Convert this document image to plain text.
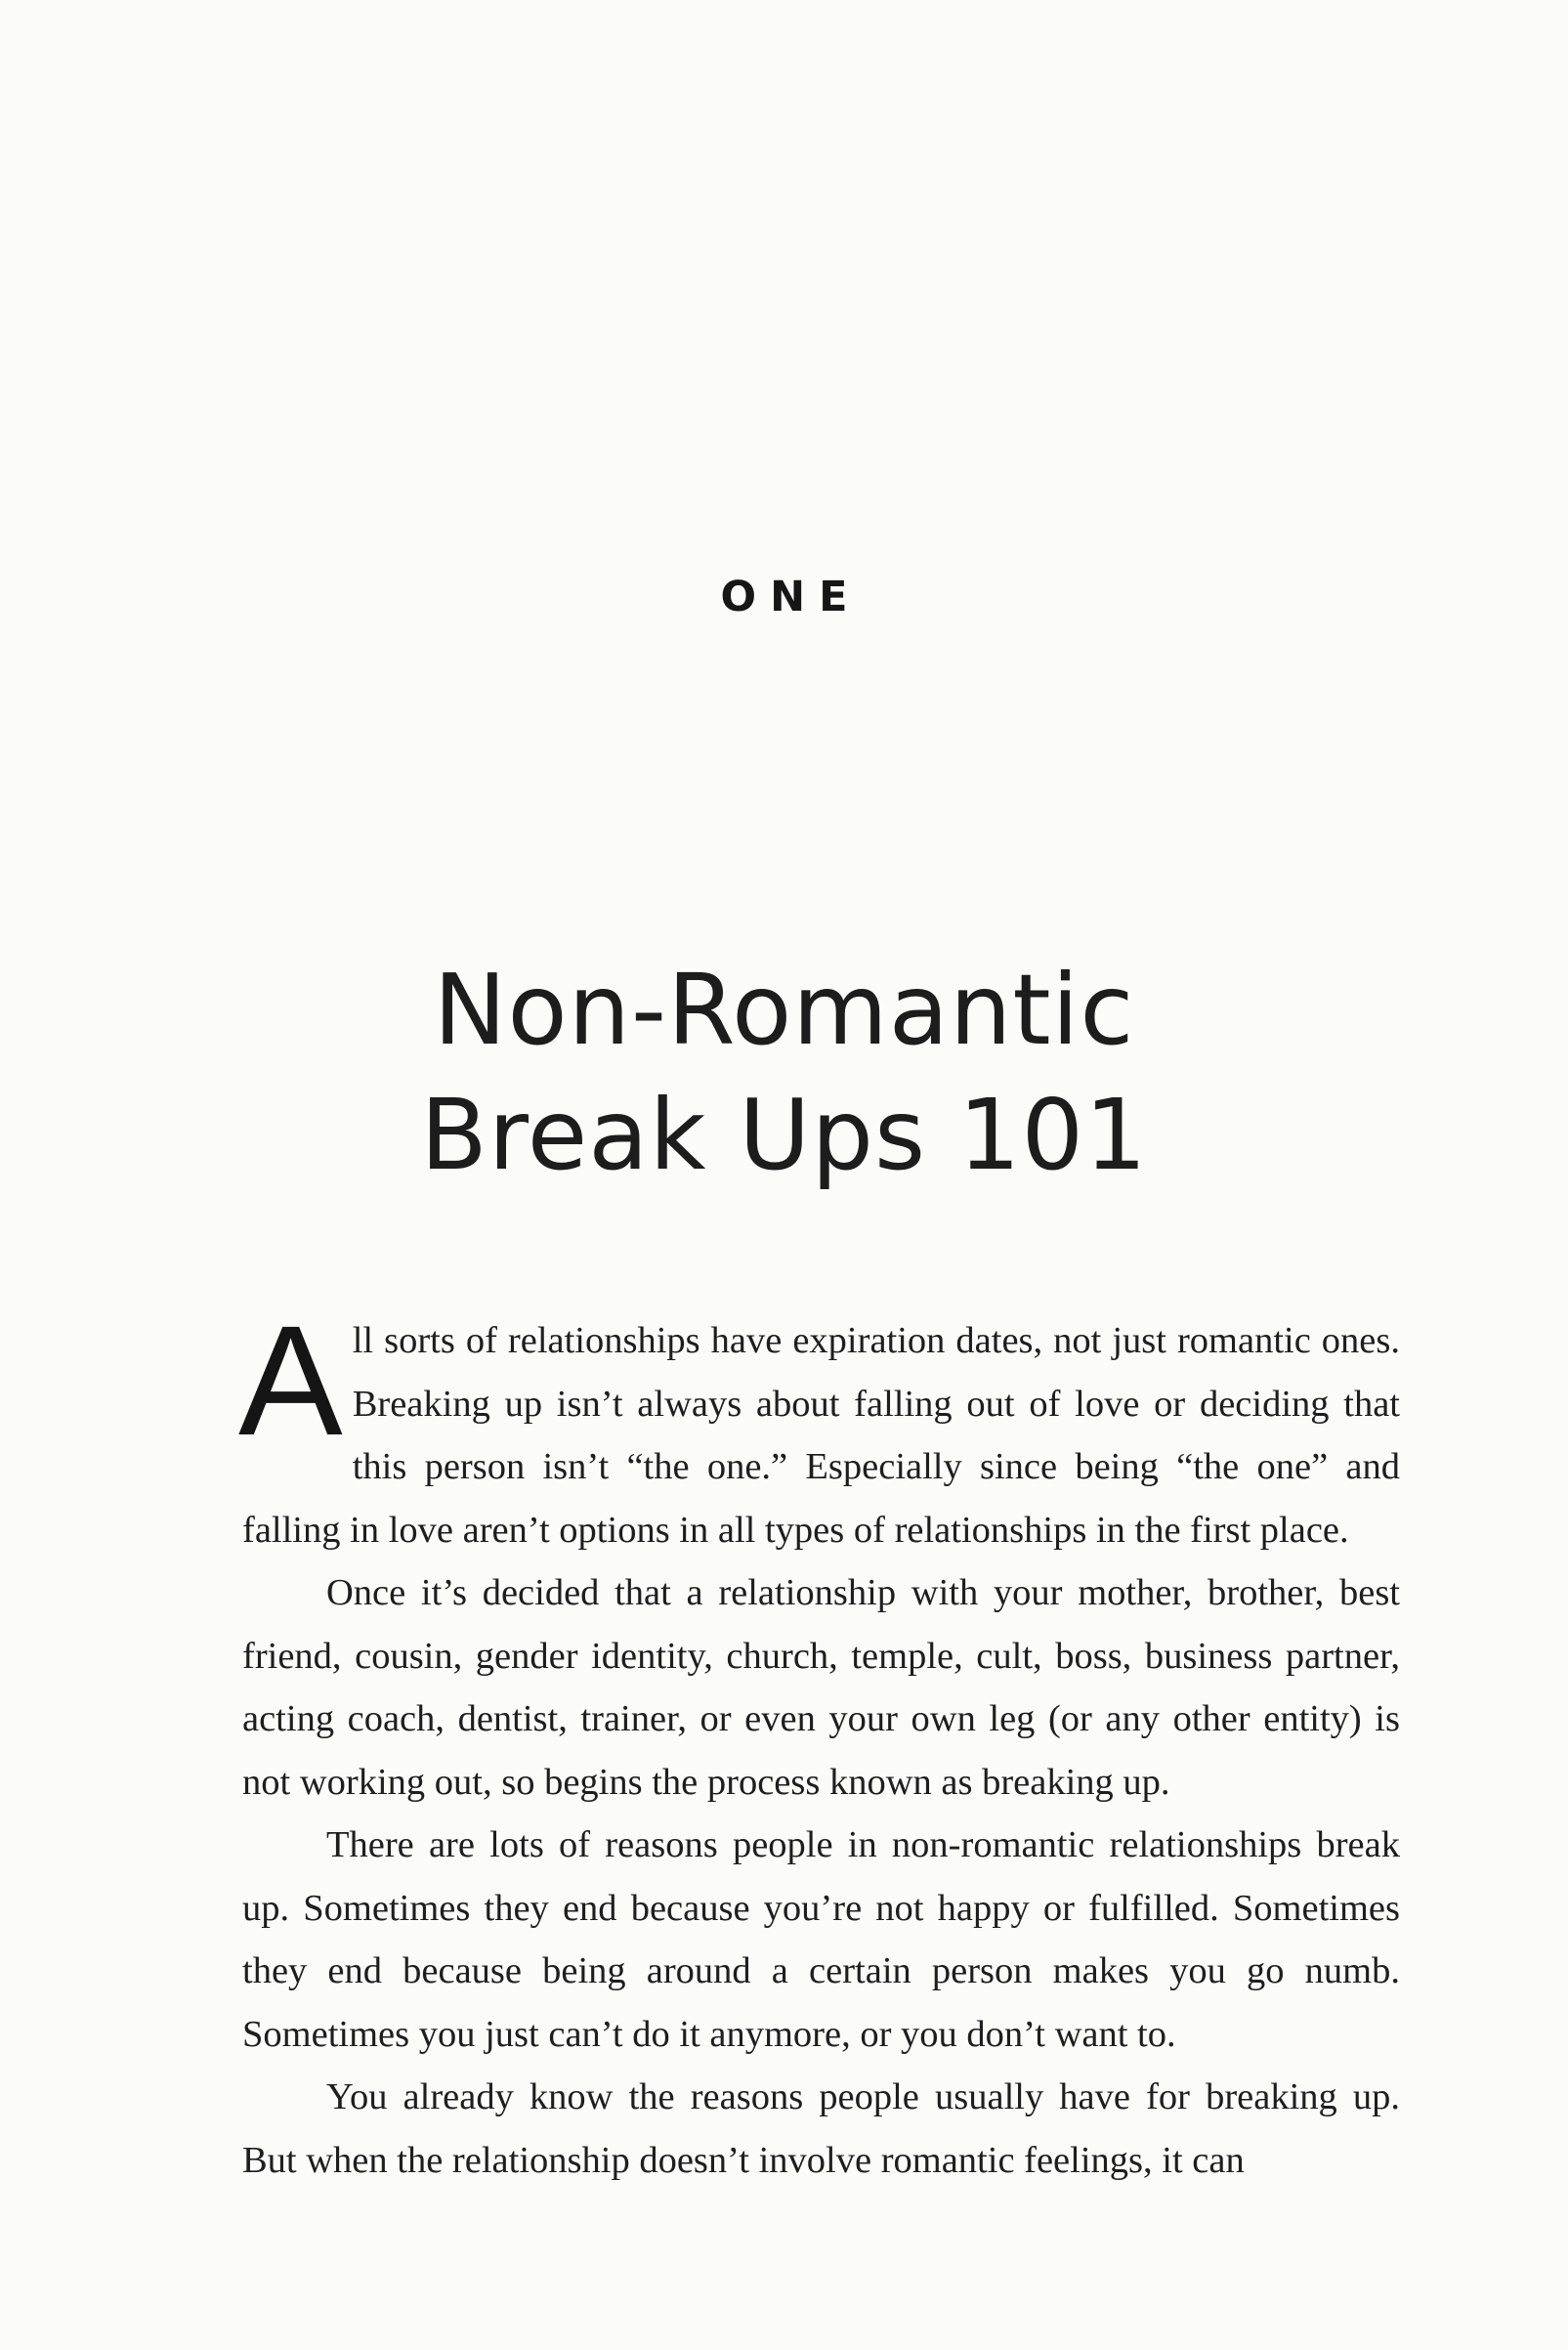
ONE
Non-Romantic
Break Ups 101

All sorts of relationships have expiration dates, not just romantic ones. Breaking up isn’t always about falling out of love or deciding that this person isn’t “the one.” Especially since being “the one” and falling in love aren’t options in all types of relationships in the first place.

Once it’s decided that a relationship with your mother, brother, best friend, cousin, gender identity, church, temple, cult, boss, business partner, acting coach, dentist, trainer, or even your own leg (or any other entity) is not working out, so begins the process known as breaking up.

There are lots of reasons people in non-romantic relationships break up. Sometimes they end because you’re not happy or fulfilled. Sometimes they end because being around a certain person makes you go numb. Sometimes you just can’t do it anymore, or you don’t want to.

You already know the reasons people usually have for breaking up. But when the relationship doesn’t involve romantic feelings, it can
